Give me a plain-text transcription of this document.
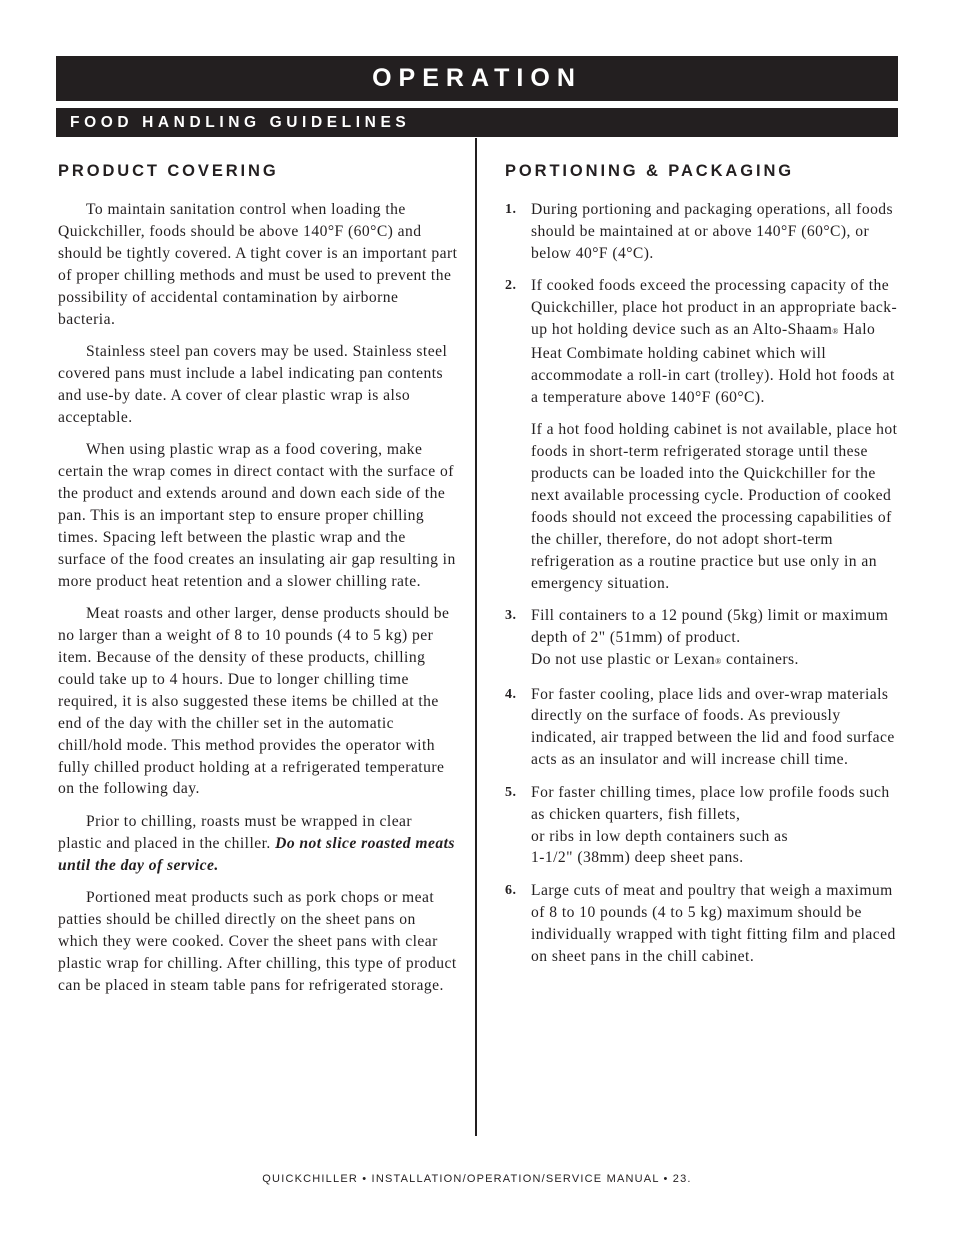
OPERATION
FOOD HANDLING GUIDELINES
PRODUCT COVERING

To maintain sanitation control when loading the Quickchiller, foods should be above 140°F (60°C) and should be tightly covered. A tight cover is an important part of proper chilling methods and must be used to prevent the possibility of accidental contamination by airborne bacteria.

Stainless steel pan covers may be used. Stainless steel covered pans must include a label indicating pan contents and use-by date. A cover of clear plastic wrap is also acceptable.

When using plastic wrap as a food covering, make certain the wrap comes in direct contact with the surface of the product and extends around and down each side of the pan. This is an important step to ensure proper chilling times. Spacing left between the plastic wrap and the surface of the food creates an insulating air gap resulting in more product heat retention and a slower chilling rate.

Meat roasts and other larger, dense products should be no larger than a weight of 8 to 10 pounds (4 to 5 kg) per item. Because of the density of these products, chilling could take up to 4 hours. Due to longer chilling time required, it is also suggested these items be chilled at the end of the day with the chiller set in the automatic chill/hold mode. This method provides the operator with fully chilled product holding at a refrigerated temperature on the following day.

Prior to chilling, roasts must be wrapped in clear plastic and placed in the chiller. Do not slice roasted meats until the day of service.

Portioned meat products such as pork chops or meat patties should be chilled directly on the sheet pans on which they were cooked. Cover the sheet pans with clear plastic wrap for chilling. After chilling, this type of product can be placed in steam table pans for refrigerated storage.

PORTIONING & PACKAGING
1. During portioning and packaging operations, all foods should be maintained at or above 140°F (60°C), or below 40°F (4°C).
2. If cooked foods exceed the processing capacity of the Quickchiller, place hot product in an appropriate back-up hot holding device such as an Alto-Shaam® Halo Heat Combimate holding cabinet which will accommodate a roll-in cart (trolley). Hold hot foods at a temperature above 140°F (60°C).
If a hot food holding cabinet is not available, place hot foods in short-term refrigerated storage until these products can be loaded into the Quickchiller for the next available processing cycle. Production of cooked foods should not exceed the processing capabilities of the chiller, therefore, do not adopt short-term refrigeration as a routine practice but use only in an emergency situation.
3. Fill containers to a 12 pound (5kg) limit or maximum depth of 2" (51mm) of product.
Do not use plastic or Lexan® containers.
4. For faster cooling, place lids and over-wrap materials directly on the surface of foods. As previously indicated, air trapped between the lid and food surface acts as an insulator and will increase chill time.
5. For faster chilling times, place low profile foods such as chicken quarters, fish fillets,
or ribs in low depth containers such as
1-1/2" (38mm) deep sheet pans.
6. Large cuts of meat and poultry that weigh a maximum of 8 to 10 pounds (4 to 5 kg) maximum should be individually wrapped with tight fitting film and placed on sheet pans in the chill cabinet.
QUICKCHILLER • INSTALLATION/OPERATION/SERVICE MANUAL • 23.
